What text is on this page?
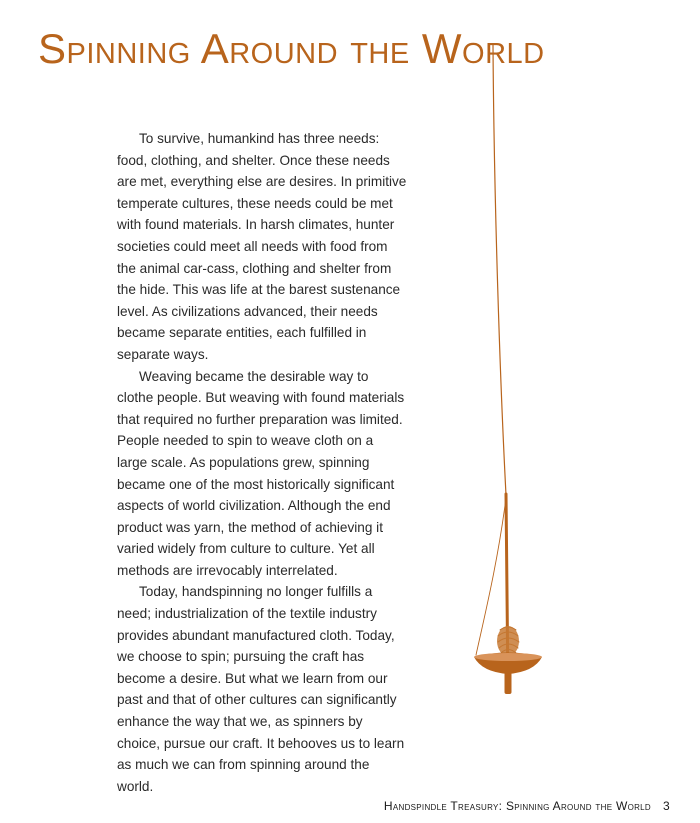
Spinning Around the World

To survive, humankind has three needs: food, clothing, and shelter. Once these needs are met, everything else are desires. In primitive temperate cultures, these needs could be met with found materials. In harsh climates, hunter societies could meet all needs with food from the animal car-cass, clothing and shelter from the hide. This was life at the barest sustenance level. As civilizations advanced, their needs became separate entities, each fulfilled in separate ways.

Weaving became the desirable way to clothe people. But weaving with found materials that required no further preparation was limited. People needed to spin to weave cloth on a large scale. As populations grew, spinning became one of the most historically significant aspects of world civilization. Although the end product was yarn, the method of achieving it varied widely from culture to culture. Yet all methods are irrevocably interrelated.

Today, handspinning no longer fulfills a need; industrialization of the textile industry provides abundant manufactured cloth. Today, we choose to spin; pursuing the craft has become a desire. But what we learn from our past and that of other cultures can significantly enhance the way that we, as spinners by choice, pursue our craft. It behooves us to learn as much we can from spinning around the world.

Handspindle Treasury: Spinning Around the World 3
